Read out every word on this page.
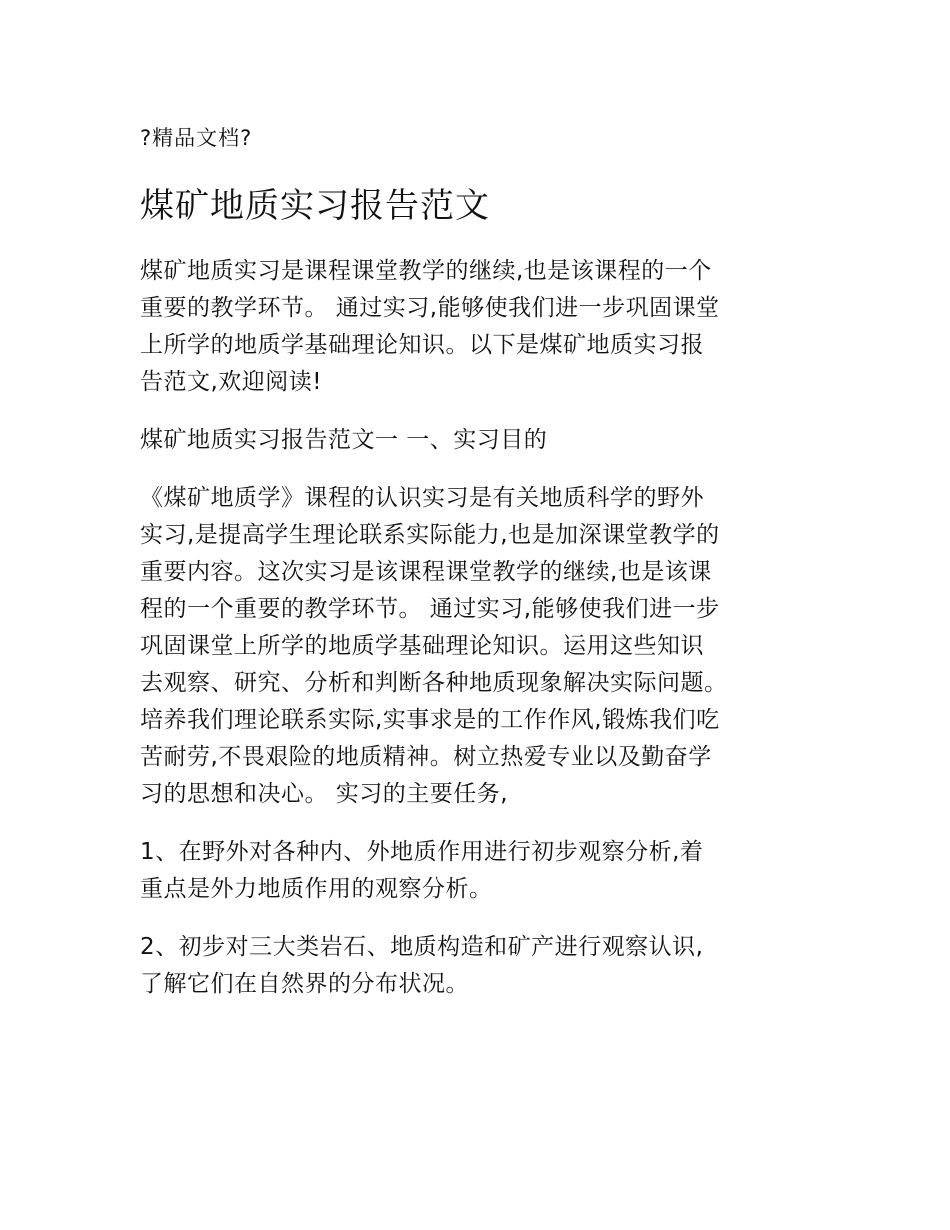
?精品文档?
煤矿地质实习报告范文

煤矿地质实习是课程课堂教学的继续,也是该课程的一个
重要的教学环节。 通过实习,能够使我们进一步巩固课堂
上所学的地质学基础理论知识。以下是煤矿地质实习报
告范文,欢迎阅读!

煤矿地质实习报告范文一 一、实习目的

《煤矿地质学》课程的认识实习是有关地质科学的野外
实习,是提高学生理论联系实际能力,也是加深课堂教学的
重要内容。这次实习是该课程课堂教学的继续,也是该课
程的一个重要的教学环节。 通过实习,能够使我们进一步
巩固课堂上所学的地质学基础理论知识。运用这些知识
去观察、研究、分析和判断各种地质现象解决实际问题。
培养我们理论联系实际,实事求是的工作作风,锻炼我们吃
苦耐劳,不畏艰险的地质精神。树立热爱专业以及勤奋学
习的思想和决心。 实习的主要任务,

1、在野外对各种内、外地质作用进行初步观察分析,着
重点是外力地质作用的观察分析。

2、初步对三大类岩石、地质构造和矿产进行观察认识,
了解它们在自然界的分布状况。
